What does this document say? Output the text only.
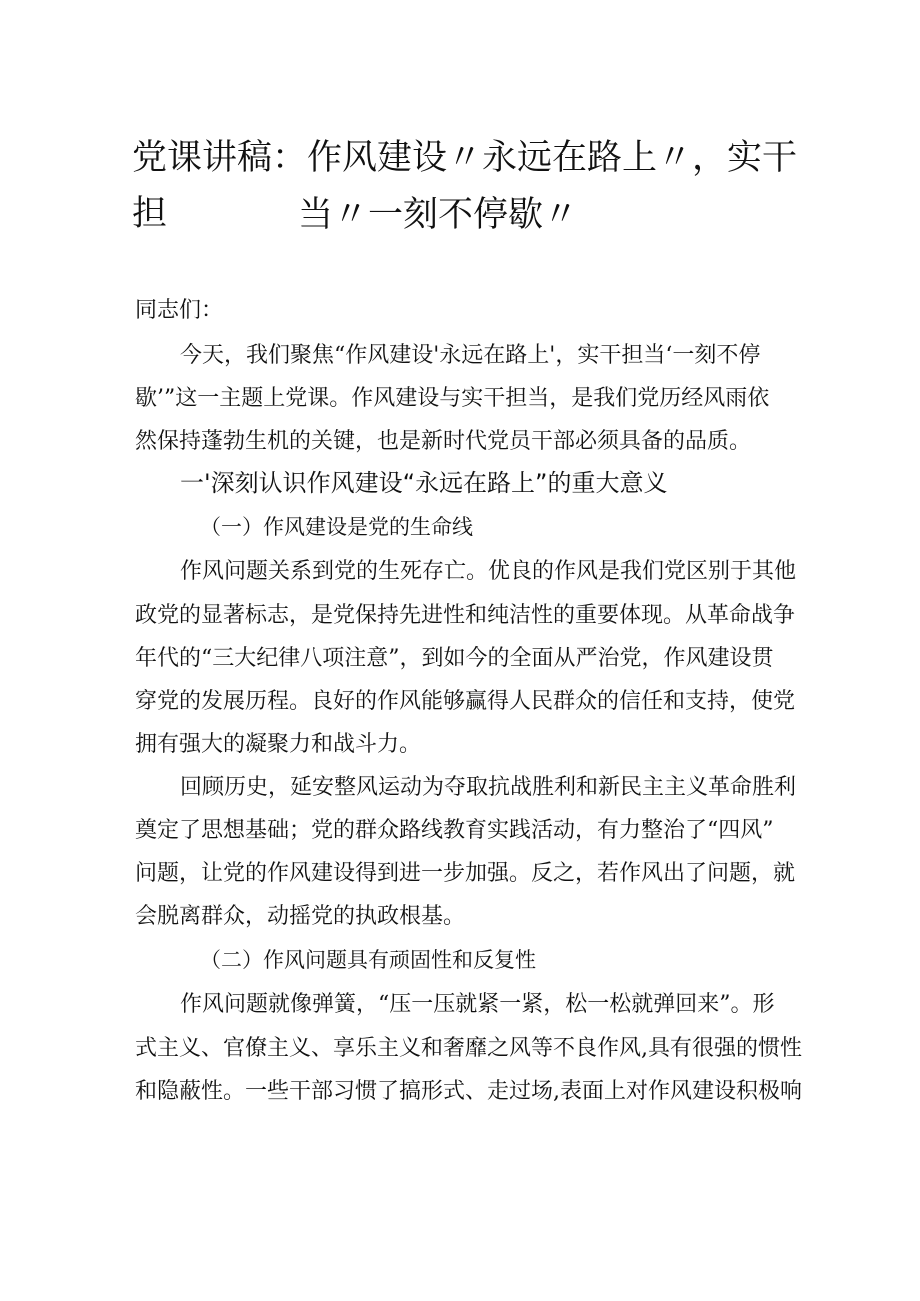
党课讲稿：作风建设〃永远在路上〃，实干担	当〃一刻不停歇〃

同志们：

今天，我们聚焦“作风建设'永远在路上'，实干担当‘一刻不停

歇’”这一主题上党课。作风建设与实干担当，是我们党历经风雨依

然保持蓬勃生机的关键，也是新时代党员干部必须具备的品质。

一'深刻认识作风建设“永远在路上”的重大意义

（一）作风建设是党的生命线

作风问题关系到党的生死存亡。优良的作风是我们党区别于其他

政党的显著标志，是党保持先进性和纯洁性的重要体现。从革命战争

年代的“三大纪律八项注意”，到如今的全面从严治党，作风建设贯

穿党的发展历程。良好的作风能够赢得人民群众的信任和支持，使党

拥有强大的凝聚力和战斗力。

回顾历史，延安整风运动为夺取抗战胜利和新民主主义革命胜利

奠定了思想基础；党的群众路线教育实践活动，有力整治了“四风”

问题，让党的作风建设得到进一步加强。反之，若作风出了问题，就

会脱离群众，动摇党的执政根基。

（二）作风问题具有顽固性和反复性

作风问题就像弹簧，“压一压就紧一紧，松一松就弹回来”。形

式主义、官僚主义、享乐主义和奢靡之风等不良作风,具有很强的惯性

和隐蔽性。一些干部习惯了搞形式、走过场,表面上对作风建设积极响
